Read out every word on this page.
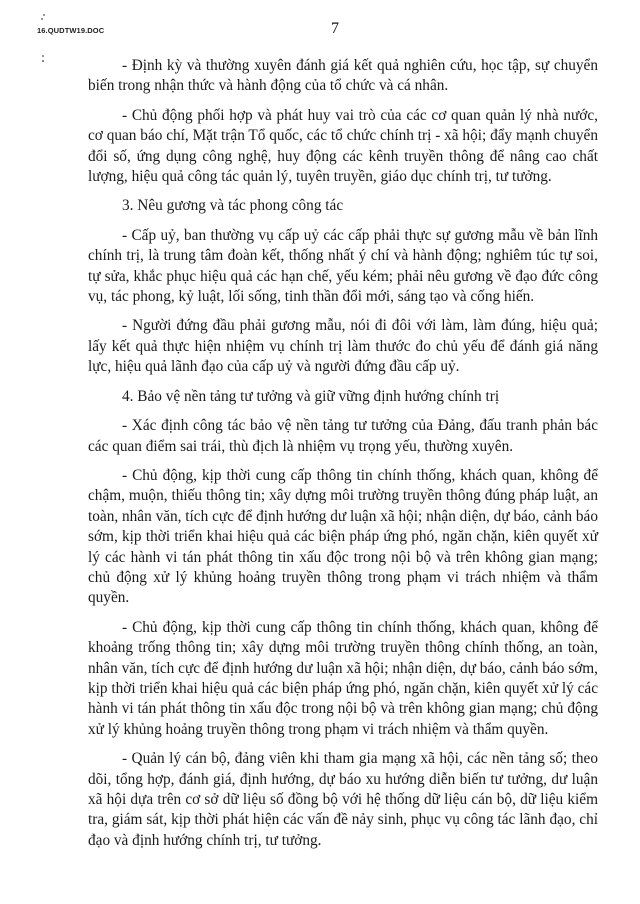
16.QUDTW19.DOC	7

- Định kỳ và thường xuyên đánh giá kết quả nghiên cứu, học tập, sự chuyển biến trong nhận thức và hành động của tổ chức và cá nhân.

- Chủ động phối hợp và phát huy vai trò của các cơ quan quản lý nhà nước, cơ quan báo chí, Mặt trận Tổ quốc, các tổ chức chính trị - xã hội; đẩy mạnh chuyển đổi số, ứng dụng công nghệ, huy động các kênh truyền thông để nâng cao chất lượng, hiệu quả công tác quản lý, tuyên truyền, giáo dục chính trị, tư tưởng.

3. Nêu gương và tác phong công tác

- Cấp uỷ, ban thường vụ cấp uỷ các cấp phải thực sự gương mẫu về bản lĩnh chính trị, là trung tâm đoàn kết, thống nhất ý chí và hành động; nghiêm túc tự soi, tự sửa, khắc phục hiệu quả các hạn chế, yếu kém; phải nêu gương về đạo đức công vụ, tác phong, kỷ luật, lối sống, tinh thần đổi mới, sáng tạo và cống hiến.

- Người đứng đầu phải gương mẫu, nói đi đôi với làm, làm đúng, hiệu quả; lấy kết quả thực hiện nhiệm vụ chính trị làm thước đo chủ yếu để đánh giá năng lực, hiệu quả lãnh đạo của cấp uỷ và người đứng đầu cấp uỷ.

4. Bảo vệ nền tảng tư tưởng và giữ vững định hướng chính trị

- Xác định công tác bảo vệ nền tảng tư tưởng của Đảng, đấu tranh phản bác các quan điểm sai trái, thù địch là nhiệm vụ trọng yếu, thường xuyên.

- Chủ động, kịp thời cung cấp thông tin chính thống, khách quan, không để chậm, muộn, thiếu thông tin; xây dựng môi trường truyền thông đúng pháp luật, an toàn, nhân văn, tích cực để định hướng dư luận xã hội; nhận diện, dự báo, cảnh báo sớm, kịp thời triển khai hiệu quả các biện pháp ứng phó, ngăn chặn, kiên quyết xử lý các hành vi tán phát thông tin xấu độc trong nội bộ và trên không gian mạng; chủ động xử lý khủng hoảng truyền thông trong phạm vi trách nhiệm và thẩm quyền.

- Chủ động, kịp thời cung cấp thông tin chính thống, khách quan, không để khoảng trống thông tin; xây dựng môi trường truyền thông chính thống, an toàn, nhân văn, tích cực để định hướng dư luận xã hội; nhận diện, dự báo, cảnh báo sớm, kịp thời triển khai hiệu quả các biện pháp ứng phó, ngăn chặn, kiên quyết xử lý các hành vi tán phát thông tin xấu độc trong nội bộ và trên không gian mạng; chủ động xử lý khủng hoảng truyền thông trong phạm vi trách nhiệm và thẩm quyền.

- Quản lý cán bộ, đảng viên khi tham gia mạng xã hội, các nền tảng số; theo dõi, tổng hợp, đánh giá, định hướng, dự báo xu hướng diễn biến tư tưởng, dư luận xã hội dựa trên cơ sở dữ liệu số đồng bộ với hệ thống dữ liệu cán bộ, dữ liệu kiểm tra, giám sát, kịp thời phát hiện các vấn đề nảy sinh, phục vụ công tác lãnh đạo, chỉ đạo và định hướng chính trị, tư tưởng.
